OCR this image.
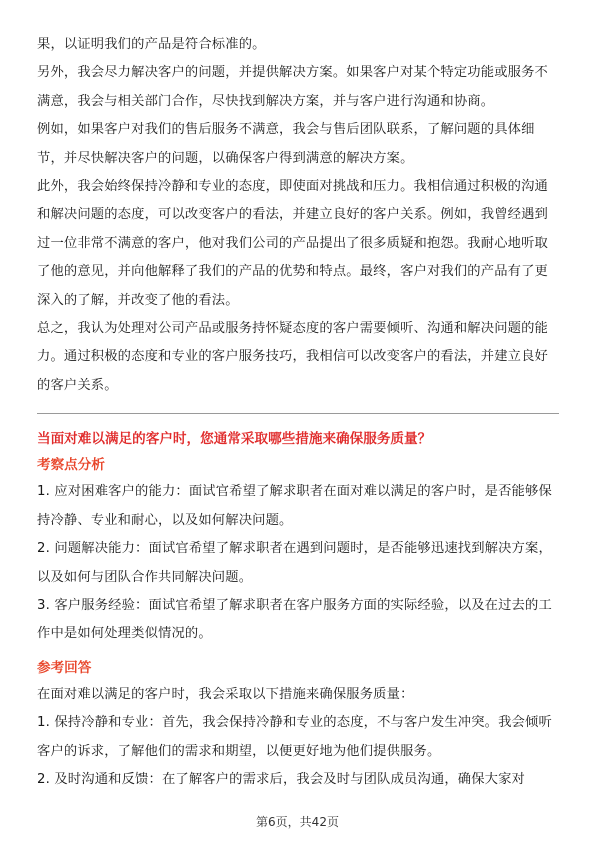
果，以证明我们的产品是符合标准的。

另外，我会尽力解决客户的问题，并提供解决方案。如果客户对某个特定功能或服务不满意，我会与相关部门合作，尽快找到解决方案，并与客户进行沟通和协商。

例如，如果客户对我们的售后服务不满意，我会与售后团队联系，了解问题的具体细节，并尽快解决客户的问题，以确保客户得到满意的解决方案。

此外，我会始终保持冷静和专业的态度，即使面对挑战和压力。我相信通过积极的沟通和解决问题的态度，可以改变客户的看法，并建立良好的客户关系。例如，我曾经遇到过一位非常不满意的客户，他对我们公司的产品提出了很多质疑和抱怨。我耐心地听取了他的意见，并向他解释了我们的产品的优势和特点。最终，客户对我们的产品有了更深入的了解，并改变了他的看法。

总之，我认为处理对公司产品或服务持怀疑态度的客户需要倾听、沟通和解决问题的能力。通过积极的态度和专业的客户服务技巧，我相信可以改变客户的看法，并建立良好的客户关系。

当面对难以满足的客户时，您通常采取哪些措施来确保服务质量？

考察点分析

1. 应对困难客户的能力：面试官希望了解求职者在面对难以满足的客户时，是否能够保持冷静、专业和耐心，以及如何解决问题。

2. 问题解决能力：面试官希望了解求职者在遇到问题时，是否能够迅速找到解决方案，以及如何与团队合作共同解决问题。

3. 客户服务经验：面试官希望了解求职者在客户服务方面的实际经验，以及在过去的工作中是如何处理类似情况的。

参考回答

在面对难以满足的客户时，我会采取以下措施来确保服务质量：

1. 保持冷静和专业：首先，我会保持冷静和专业的态度，不与客户发生冲突。我会倾听客户的诉求，了解他们的需求和期望，以便更好地为他们提供服务。

2. 及时沟通和反馈：在了解客户的需求后，我会及时与团队成员沟通，确保大家对

第6页，共42页
